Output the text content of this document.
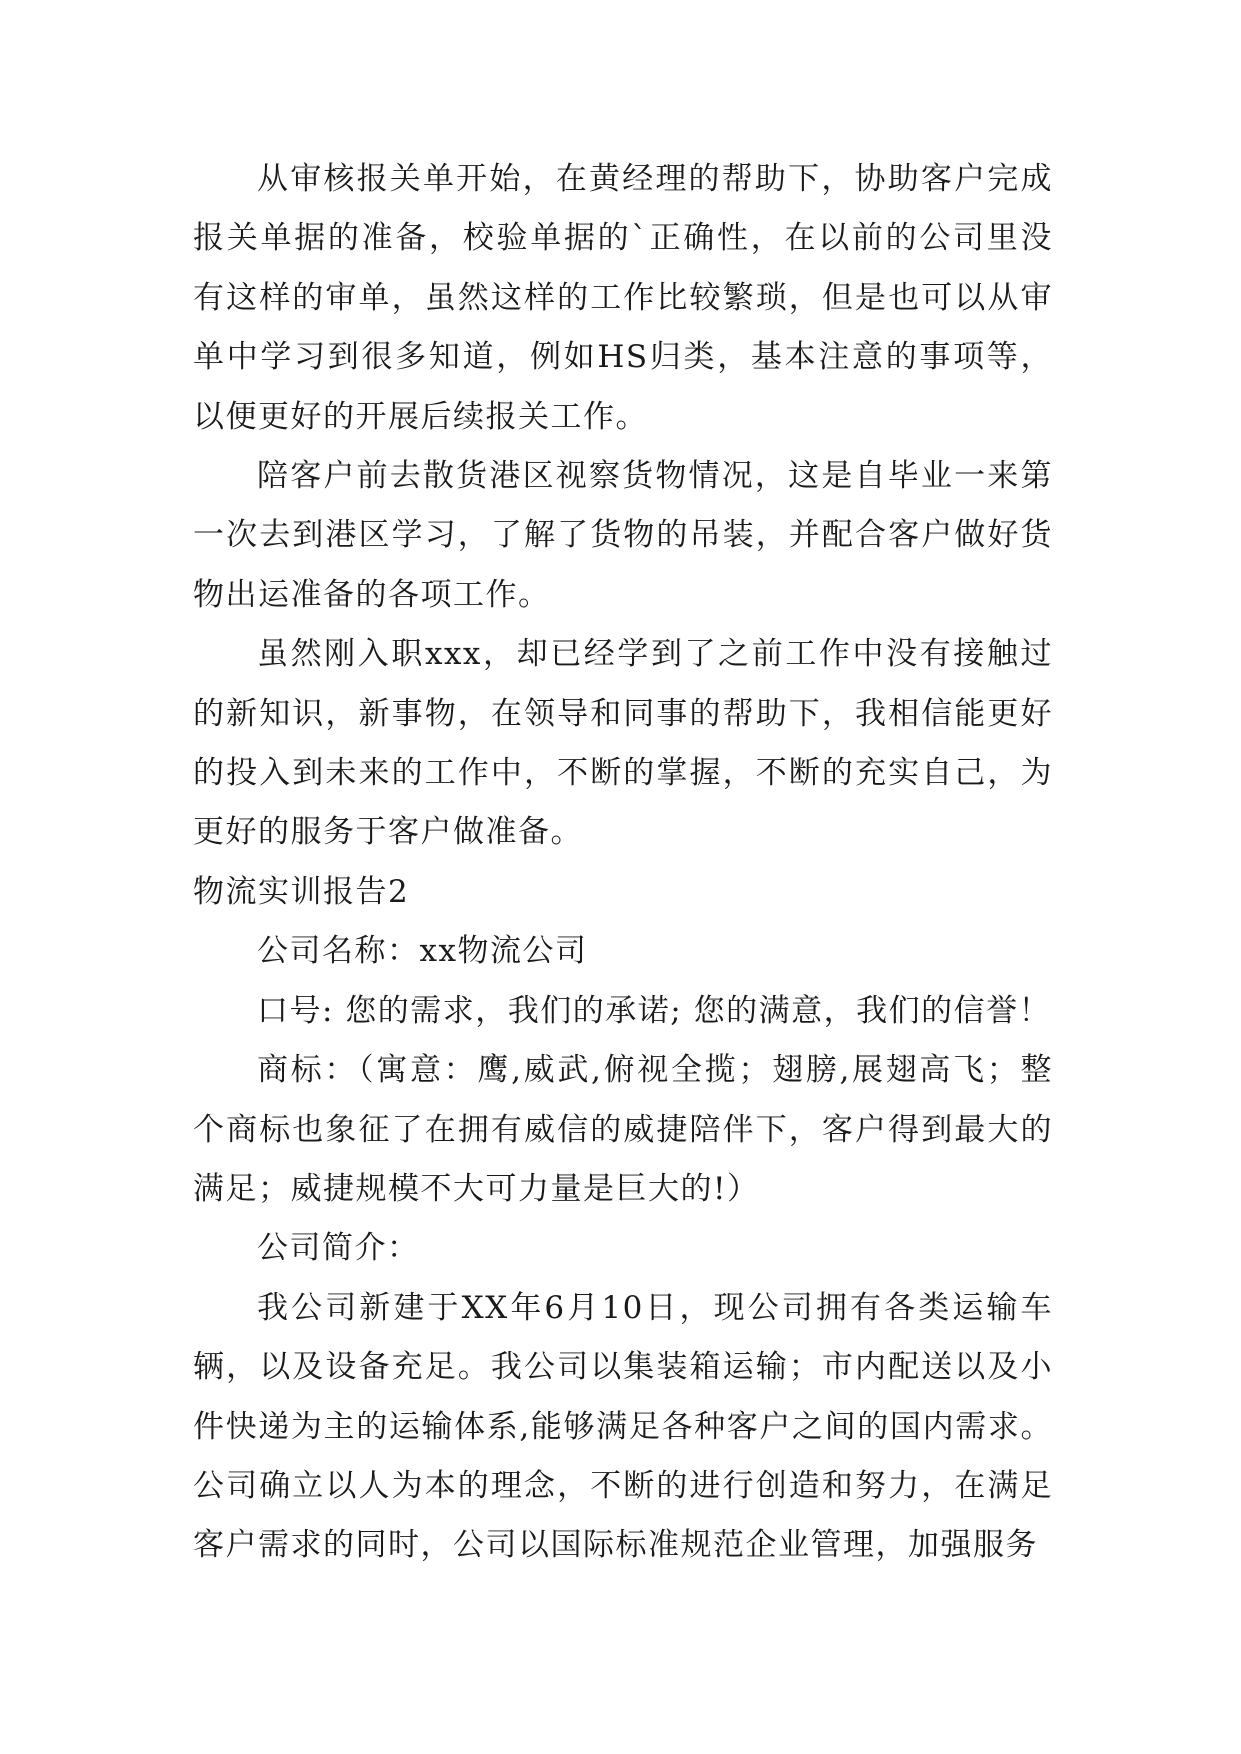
从审核报关单开始，在黄经理的帮助下，协助客户完成报关单据的准备，校验单据的`正确性，在以前的公司里没有这样的审单，虽然这样的工作比较繁琐，但是也可以从审单中学习到很多知道，例如HS归类，基本注意的事项等，以便更好的开展后续报关工作。

陪客户前去散货港区视察货物情况，这是自毕业一来第一次去到港区学习，了解了货物的吊装，并配合客户做好货物出运准备的各项工作。

虽然刚入职xxx，却已经学到了之前工作中没有接触过的新知识，新事物，在领导和同事的帮助下，我相信能更好的投入到未来的工作中，不断的掌握，不断的充实自己，为更好的服务于客户做准备。

物流实训报告2

公司名称：xx物流公司

口号: 您的需求，我们的承诺; 您的满意，我们的信誉！

商标：（寓意：鹰,威武,俯视全揽；翅膀,展翅高飞；整个商标也象征了在拥有威信的威捷陪伴下，客户得到最大的满足；威捷规模不大可力量是巨大的!）

公司简介：

我公司新建于XX年6月10日，现公司拥有各类运输车辆，以及设备充足。我公司以集装箱运输；市内配送以及小件快递为主的运输体系,能够满足各种客户之间的国内需求。公司确立以人为本的理念，不断的进行创造和努力，在满足客户需求的同时，公司以国际标准规范企业管理，加强服务
